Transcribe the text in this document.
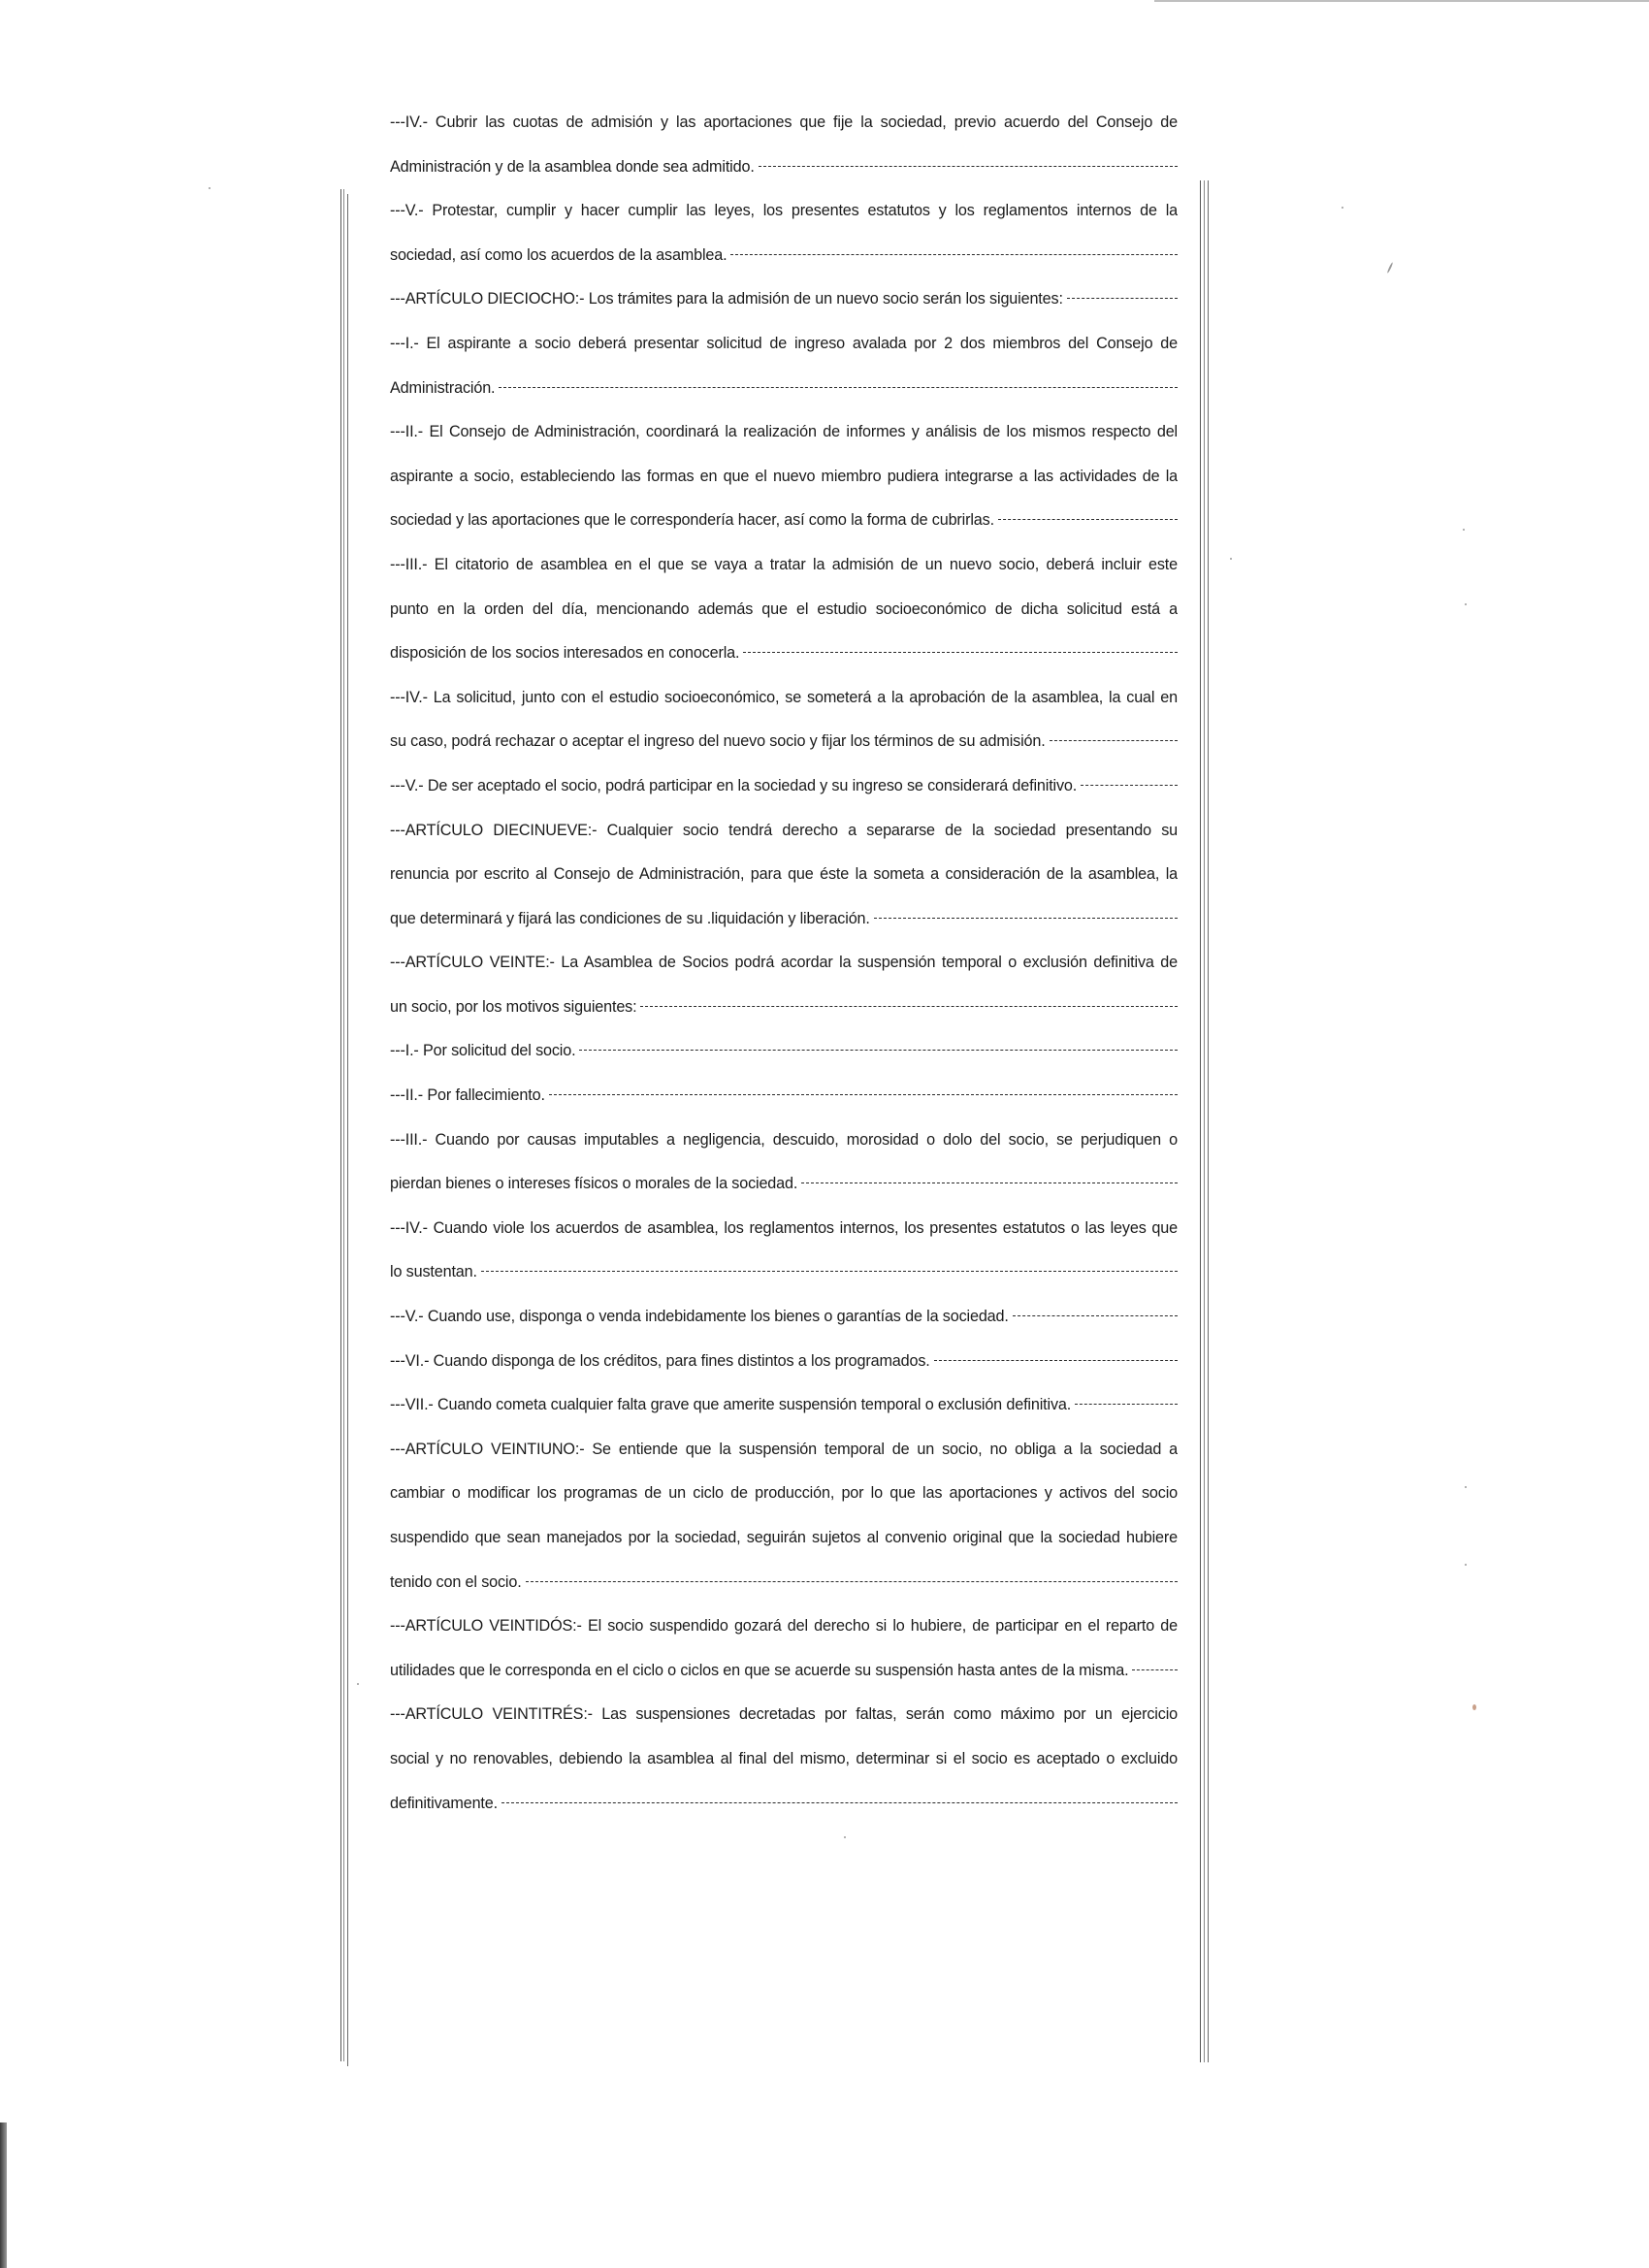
---IV.- Cubrir las cuotas de admisión y las aportaciones que fije la sociedad, previo acuerdo del Consejo de
Administración y de la asamblea donde sea admitido.
---V.- Protestar, cumplir y hacer cumplir las leyes, los presentes estatutos y los reglamentos internos de la
sociedad, así como los acuerdos de la asamblea.
---ARTÍCULO DIECIOCHO:- Los trámites para la admisión de un nuevo socio serán los siguientes:
---I.- El aspirante a socio deberá presentar solicitud de ingreso avalada por 2 dos miembros del Consejo de
Administración.
---II.- El Consejo de Administración, coordinará la realización de informes y análisis de los mismos respecto del
aspirante a socio, estableciendo las formas en que el nuevo miembro pudiera integrarse a las actividades de la
sociedad y las aportaciones que le correspondería hacer, así como la forma de cubrirlas.
---III.- El citatorio de asamblea en el que se vaya a tratar la admisión de un nuevo socio, deberá incluir este
punto en la orden del día, mencionando además que el estudio socioeconómico de dicha solicitud está a
disposición de los socios interesados en conocerla.
---IV.- La solicitud, junto con el estudio socioeconómico, se someterá a la aprobación de la asamblea, la cual en
su caso, podrá rechazar o aceptar el ingreso del nuevo socio y fijar los términos de su admisión.
---V.- De ser aceptado el socio, podrá participar en la sociedad y su ingreso se considerará definitivo.
---ARTÍCULO DIECINUEVE:- Cualquier socio tendrá derecho a separarse de la sociedad presentando su
renuncia por escrito al Consejo de Administración, para que éste la someta a consideración de la asamblea, la
que determinará y fijará las condiciones de su .liquidación y liberación.
---ARTÍCULO VEINTE:- La Asamblea de Socios podrá acordar la suspensión temporal o exclusión definitiva de
un socio, por los motivos siguientes:
---I.- Por solicitud del socio.
---II.- Por fallecimiento.
---III.- Cuando por causas imputables a negligencia, descuido, morosidad o dolo del socio, se perjudiquen o
pierdan bienes o intereses físicos o morales de la sociedad.
---IV.- Cuando viole los acuerdos de asamblea, los reglamentos internos, los presentes estatutos o las leyes que
lo sustentan.
---V.- Cuando use, disponga o venda indebidamente los bienes o garantías de la sociedad.
---VI.- Cuando disponga de los créditos, para fines distintos a los programados.
---VII.- Cuando cometa cualquier falta grave que amerite suspensión temporal o exclusión definitiva.
---ARTÍCULO VEINTIUNO:- Se entiende que la suspensión temporal de un socio, no obliga a la sociedad a
cambiar o modificar los programas de un ciclo de producción, por lo que las aportaciones y activos del socio
suspendido que sean manejados por la sociedad, seguirán sujetos al convenio original que la sociedad hubiere
tenido con el socio.
---ARTÍCULO VEINTIDÓS:- El socio suspendido gozará del derecho si lo hubiere, de participar en el reparto de
utilidades que le corresponda en el ciclo o ciclos en que se acuerde su suspensión hasta antes de la misma.
---ARTÍCULO VEINTITRÉS:- Las suspensiones decretadas por faltas, serán como máximo por un ejercicio
social y no renovables, debiendo la asamblea al final del mismo, determinar si el socio es aceptado o excluido
definitivamente.
